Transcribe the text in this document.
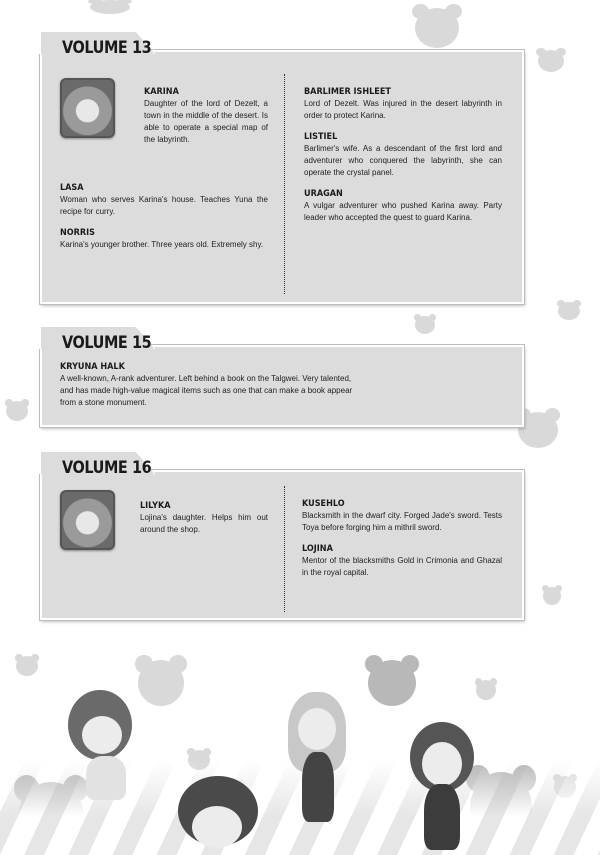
VOLUME 13
KARINA

Daughter of the lord of Dezelt, a town in the middle of the desert. Is able to operate a special map of the labyrinth.

LASA

Woman who serves Karina's house. Teaches Yuna the recipe for curry.

NORRIS

Karina's younger brother. Three years old. Extremely shy.

BARLIMER ISHLEET

Lord of Dezelt. Was injured in the desert labyrinth in order to protect Karina.

LISTIEL

Barlimer's wife. As a descendant of the first lord and adventurer who conquered the labyrinth, she can operate the crystal panel.

URAGAN

A vulgar adventurer who pushed Karina away. Party leader who accepted the quest to guard Karina.

VOLUME 15
KRYUNA HALK

A well-known, A-rank adventurer. Left behind a book on the Talgwei. Very talented, and has made high-value magical items such as one that can make a book appear from a stone monument.

VOLUME 16
LILYKA

Lojina's daughter. Helps him out around the shop.

KUSEHLO

Blacksmith in the dwarf city. Forged Jade's sword. Tests Toya before forging him a mithril sword.

LOJINA

Mentor of the blacksmiths Gold in Crimonia and Ghazal in the royal capital.
